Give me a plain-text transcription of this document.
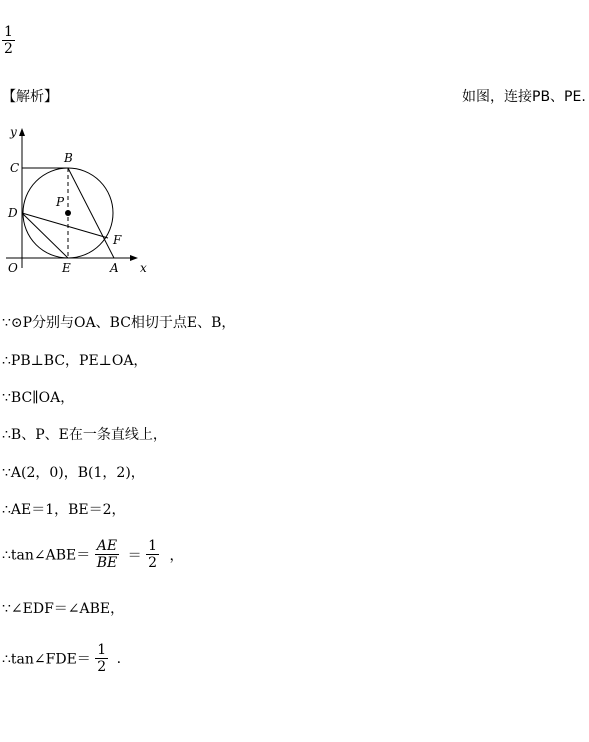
$\frac{1}{2}$
【解析】	如图，连接PB、PE.
y
x
C
B
P
D
F
O	E	A
∵⊙P分别与OA、BC相切于点E、B，
∴PB⊥BC，PE⊥OA，
∵BC∥OA，
∴B、P、E在一条直线上，
∵A(2，0)，B(1，2)，
∴AE＝1，BE＝2，
∴tan∠ABE＝ $\frac{AE}{BE} = \frac{1}{2}$ ，
∵∠EDF＝∠ABE，
∴tan∠FDE＝ $\frac{1}{2}$ .
